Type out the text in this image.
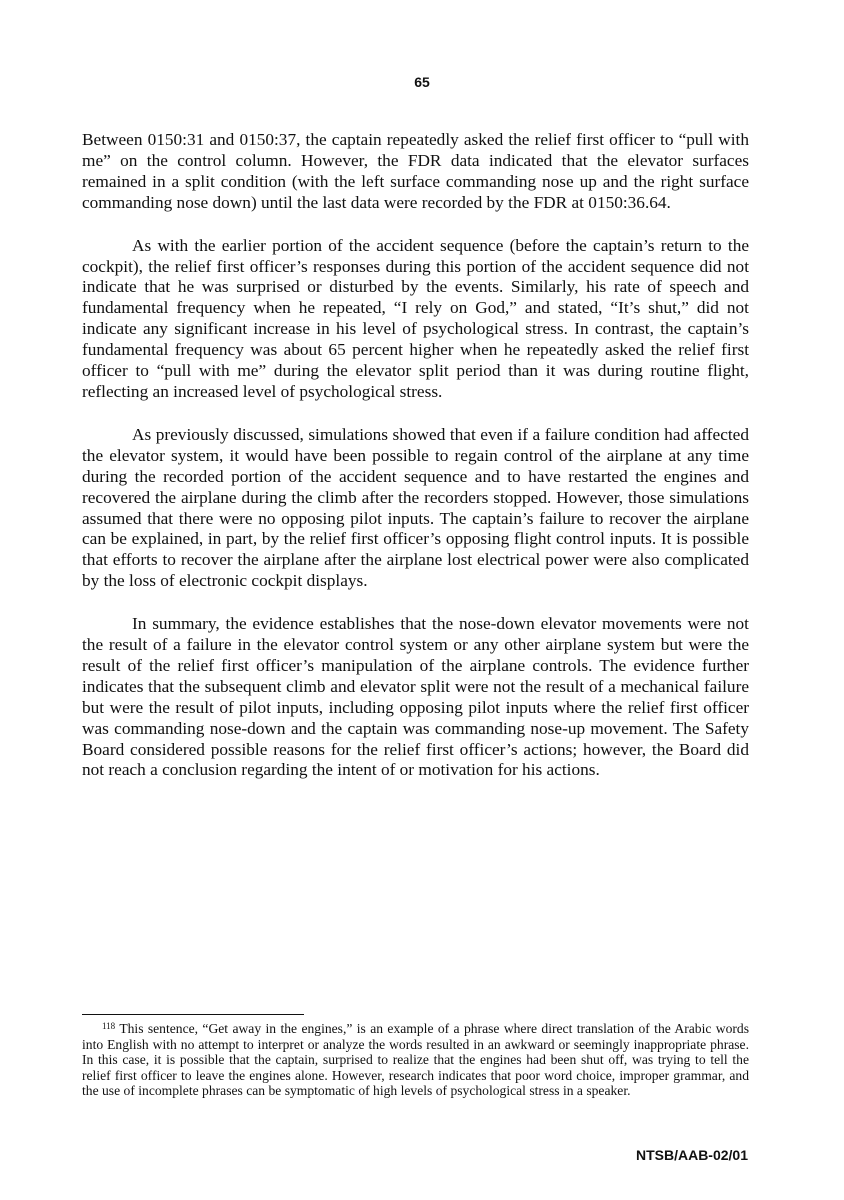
65

Between 0150:31 and 0150:37, the captain repeatedly asked the relief first officer to “pull with me” on the control column. However, the FDR data indicated that the elevator surfaces remained in a split condition (with the left surface commanding nose up and the right surface commanding nose down) until the last data were recorded by the FDR at 0150:36.64.

As with the earlier portion of the accident sequence (before the captain’s return to the cockpit), the relief first officer’s responses during this portion of the accident sequence did not indicate that he was surprised or disturbed by the events. Similarly, his rate of speech and fundamental frequency when he repeated, “I rely on God,” and stated, “It’s shut,” did not indicate any significant increase in his level of psychological stress. In contrast, the captain’s fundamental frequency was about 65 percent higher when he repeatedly asked the relief first officer to “pull with me” during the elevator split period than it was during routine flight, reflecting an increased level of psychological stress.

As previously discussed, simulations showed that even if a failure condition had affected the elevator system, it would have been possible to regain control of the airplane at any time during the recorded portion of the accident sequence and to have restarted the engines and recovered the airplane during the climb after the recorders stopped. However, those simulations assumed that there were no opposing pilot inputs. The captain’s failure to recover the airplane can be explained, in part, by the relief first officer’s opposing flight control inputs. It is possible that efforts to recover the airplane after the airplane lost electrical power were also complicated by the loss of electronic cockpit displays.

In summary, the evidence establishes that the nose-down elevator movements were not the result of a failure in the elevator control system or any other airplane system but were the result of the relief first officer’s manipulation of the airplane controls. The evidence further indicates that the subsequent climb and elevator split were not the result of a mechanical failure but were the result of pilot inputs, including opposing pilot inputs where the relief first officer was commanding nose-down and the captain was commanding nose-up movement. The Safety Board considered possible reasons for the relief first officer’s actions; however, the Board did not reach a conclusion regarding the intent of or motivation for his actions.

$^{118}$ This sentence, “Get away in the engines,” is an example of a phrase where direct translation of the Arabic words into English with no attempt to interpret or analyze the words resulted in an awkward or seemingly inappropriate phrase. In this case, it is possible that the captain, surprised to realize that the engines had been shut off, was trying to tell the relief first officer to leave the engines alone. However, research indicates that poor word choice, improper grammar, and the use of incomplete phrases can be symptomatic of high levels of psychological stress in a speaker.

NTSB/AAB-02/01
